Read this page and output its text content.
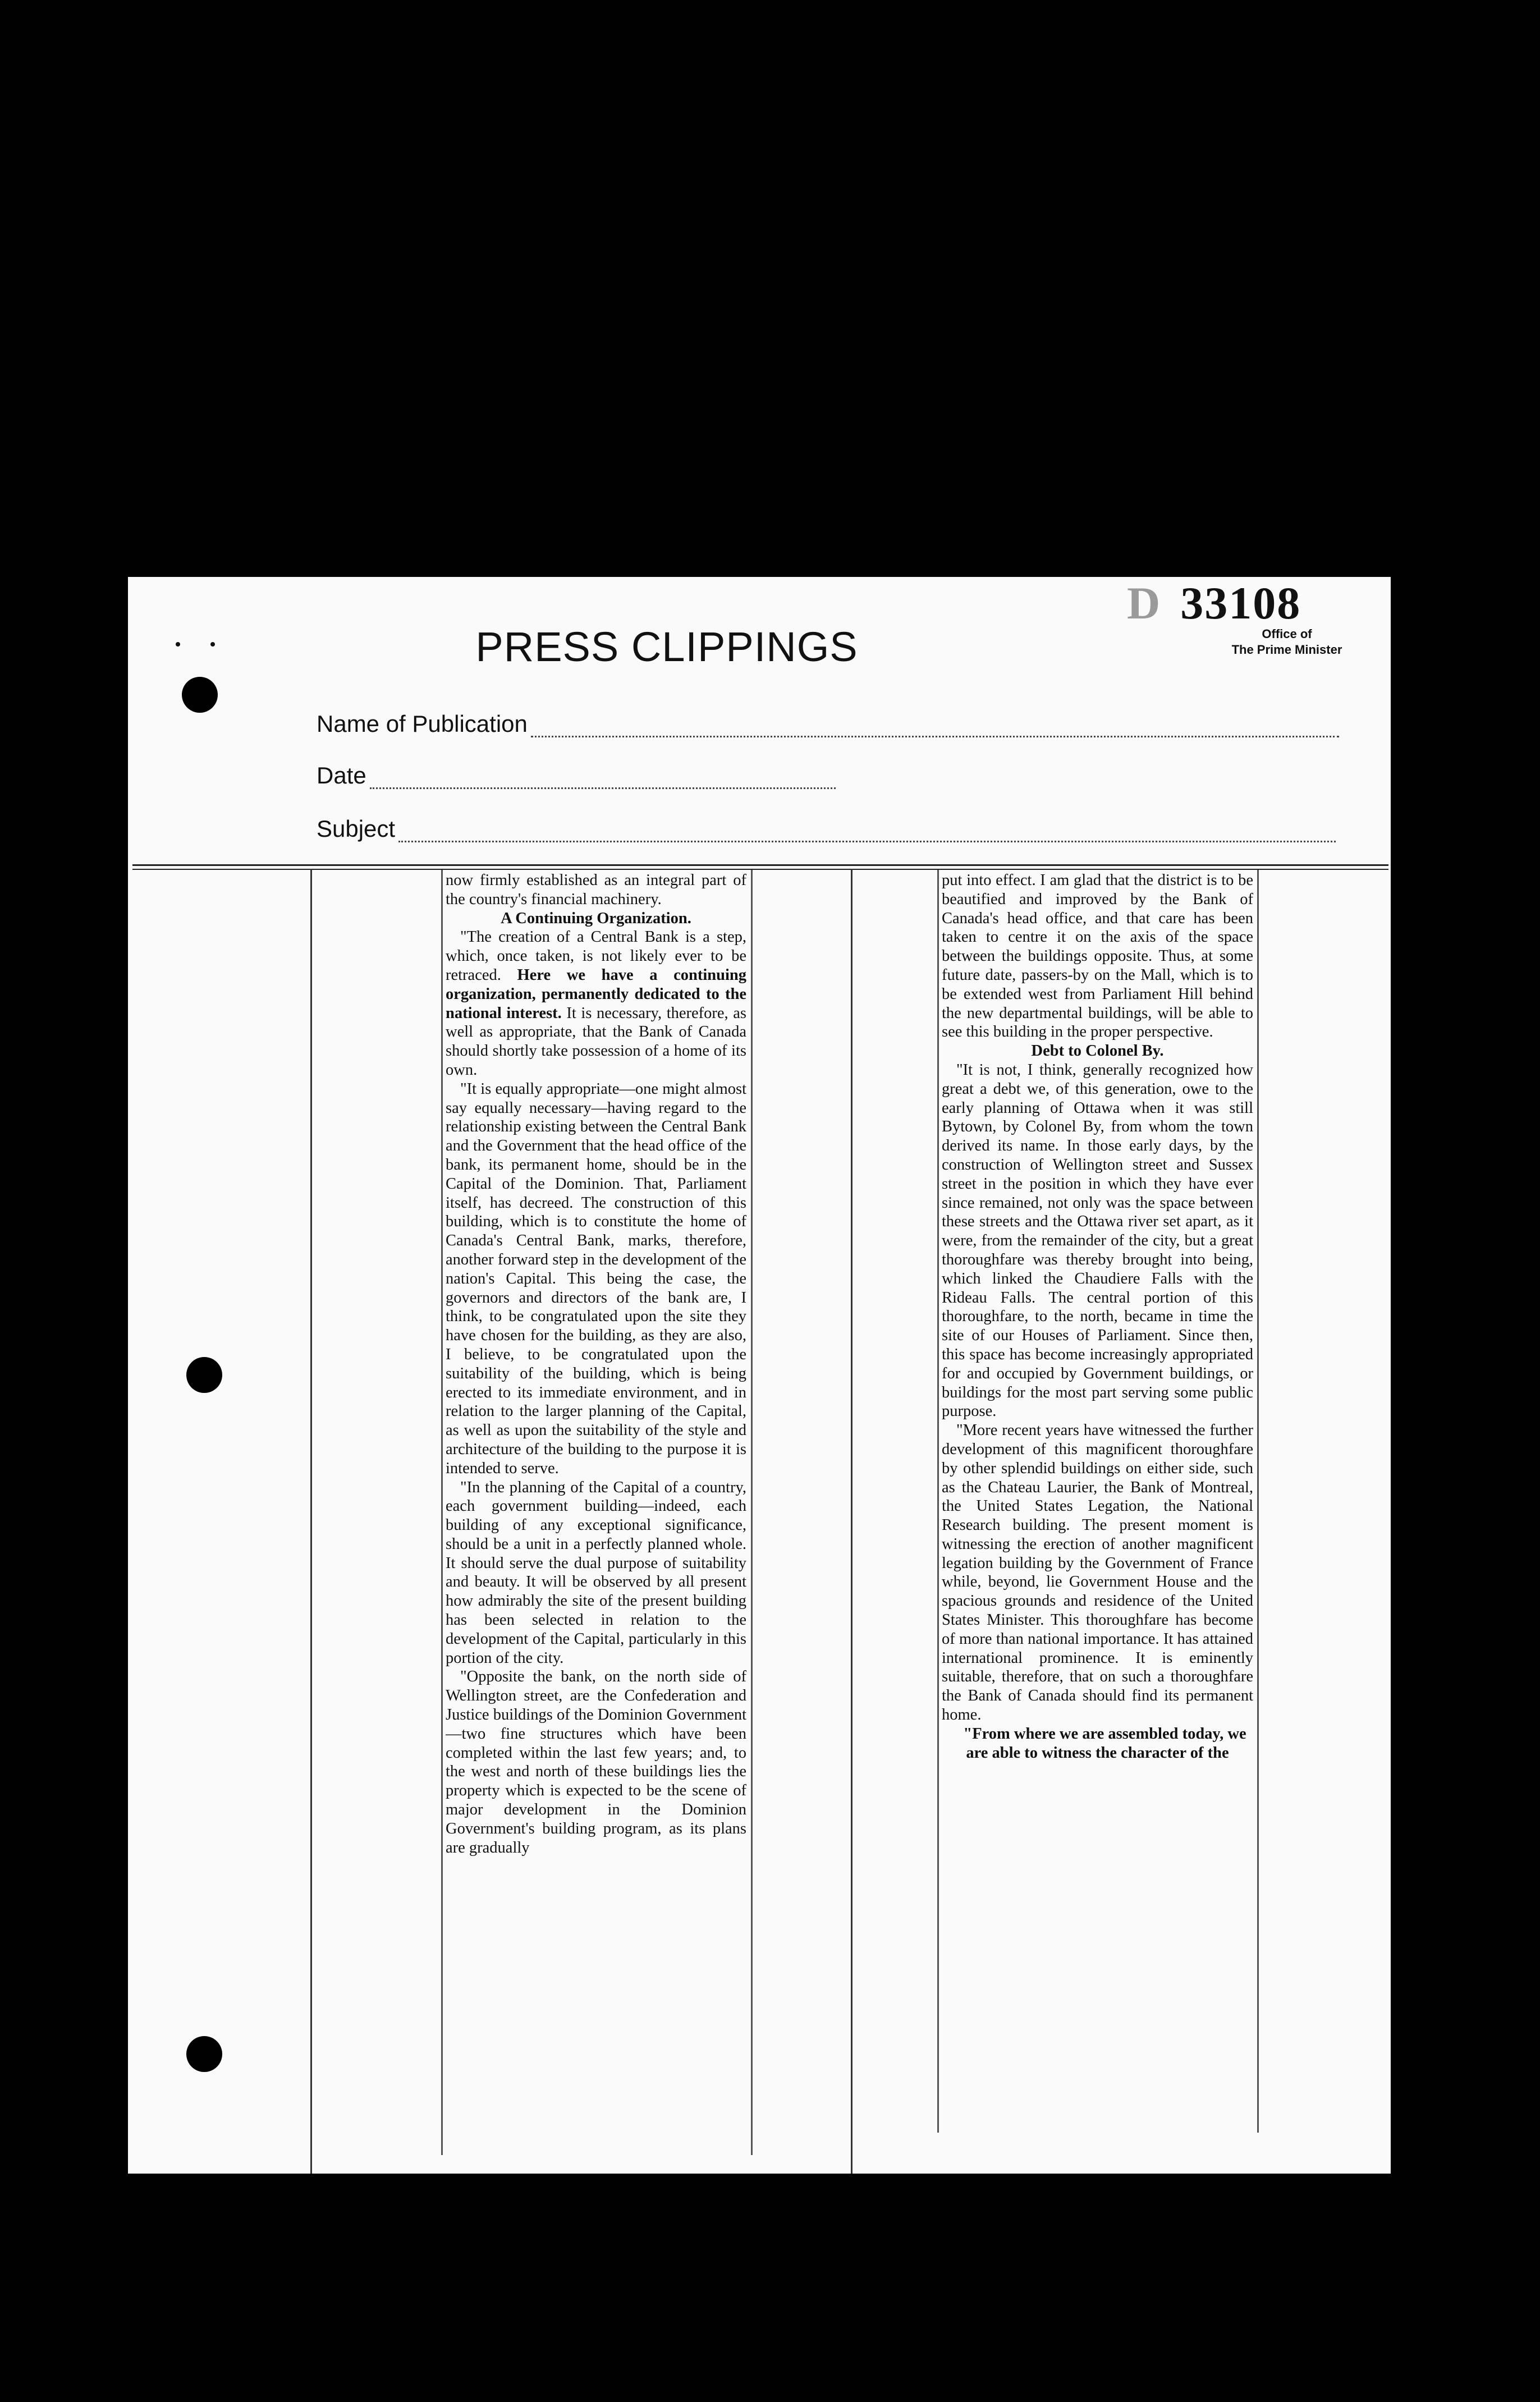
PRESS CLIPPINGS
D 33108
Office of
The Prime Minister
Name of Publication
Date
Subject

now firmly established as an integral part of the country's financial machinery.

A Continuing Organization.

"The creation of a Central Bank is a step, which, once taken, is not likely ever to be retraced. Here we have a continuing organization, permanently dedicated to the national interest. It is necessary, therefore, as well as appropriate, that the Bank of Canada should shortly take possession of a home of its own.

"It is equally appropriate—one might almost say equally necessary—having regard to the relationship existing between the Central Bank and the Government that the head office of the bank, its permanent home, should be in the Capital of the Dominion. That, Parliament itself, has decreed. The construction of this building, which is to constitute the home of Canada's Central Bank, marks, therefore, another forward step in the development of the nation's Capital. This being the case, the governors and directors of the bank are, I think, to be congratulated upon the site they have chosen for the building, as they are also, I believe, to be congratulated upon the suitability of the building, which is being erected to its immediate environment, and in relation to the larger planning of the Capital, as well as upon the suitability of the style and architecture of the building to the purpose it is intended to serve.

"In the planning of the Capital of a country, each government building—indeed, each building of any exceptional significance, should be a unit in a perfectly planned whole. It should serve the dual purpose of suitability and beauty. It will be observed by all present how admirably the site of the present building has been selected in relation to the development of the Capital, particularly in this portion of the city.

"Opposite the bank, on the north side of Wellington street, are the Confederation and Justice buildings of the Dominion Government—two fine structures which have been completed within the last few years; and, to the west and north of these buildings lies the property which is expected to be the scene of major development in the Dominion Government's building program, as its plans are gradually

put into effect. I am glad that the district is to be beautified and improved by the Bank of Canada's head office, and that care has been taken to centre it on the axis of the space between the buildings opposite. Thus, at some future date, passers-by on the Mall, which is to be extended west from Parliament Hill behind the new departmental buildings, will be able to see this building in the proper perspective.

Debt to Colonel By.

"It is not, I think, generally recognized how great a debt we, of this generation, owe to the early planning of Ottawa when it was still Bytown, by Colonel By, from whom the town derived its name. In those early days, by the construction of Wellington street and Sussex street in the position in which they have ever since remained, not only was the space between these streets and the Ottawa river set apart, as it were, from the remainder of the city, but a great thoroughfare was thereby brought into being, which linked the Chaudiere Falls with the Rideau Falls. The central portion of this thoroughfare, to the north, became in time the site of our Houses of Parliament. Since then, this space has become increasingly appropriated for and occupied by Government buildings, or buildings for the most part serving some public purpose.

"More recent years have witnessed the further development of this magnificent thoroughfare by other splendid buildings on either side, such as the Chateau Laurier, the Bank of Montreal, the United States Legation, the National Research building. The present moment is witnessing the erection of another magnificent legation building by the Government of France while, beyond, lie Government House and the spacious grounds and residence of the United States Minister. This thoroughfare has become of more than national importance. It has attained international prominence. It is eminently suitable, therefore, that on such a thoroughfare the Bank of Canada should find its permanent home.

"From where we are assembled today, we are able to witness the character of the
